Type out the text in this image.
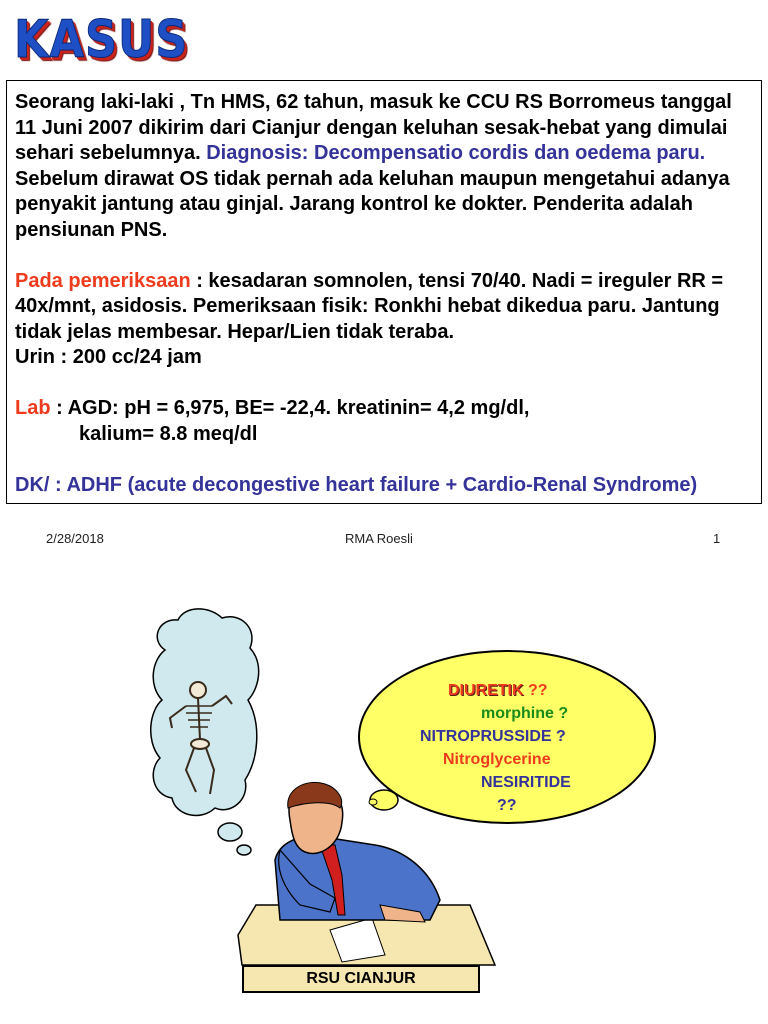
KASUS

Seorang laki-laki , Tn HMS, 62 tahun, masuk ke CCU RS Borromeus tanggal 11 Juni 2007 dikirim dari Cianjur dengan keluhan sesak-hebat yang dimulai sehari sebelumnya. Diagnosis: Decompensatio cordis dan oedema paru. Sebelum dirawat OS tidak pernah ada keluhan maupun mengetahui adanya penyakit jantung atau ginjal. Jarang kontrol ke dokter. Penderita adalah pensiunan PNS.

Pada pemeriksaan : kesadaran somnolen, tensi 70/40. Nadi = ireguler RR = 40x/mnt, asidosis. Pemeriksaan fisik: Ronkhi hebat dikedua paru. Jantung tidak jelas membesar. Hepar/Lien tidak teraba.
Urin : 200 cc/24 jam

Lab : AGD: pH = 6,975, BE= -22,4. kreatinin= 4,2 mg/dl,
kalium= 8.8 meq/dl

DK/ : ADHF (acute decongestive heart failure + Cardio-Renal Syndrome)

2/28/2018	RMA Roesli	1
DIURETIK ??
morphine ?
NITROPRUSSIDE ?
Nitroglycerine
NESIRITIDE
??
RSU CIANJUR
